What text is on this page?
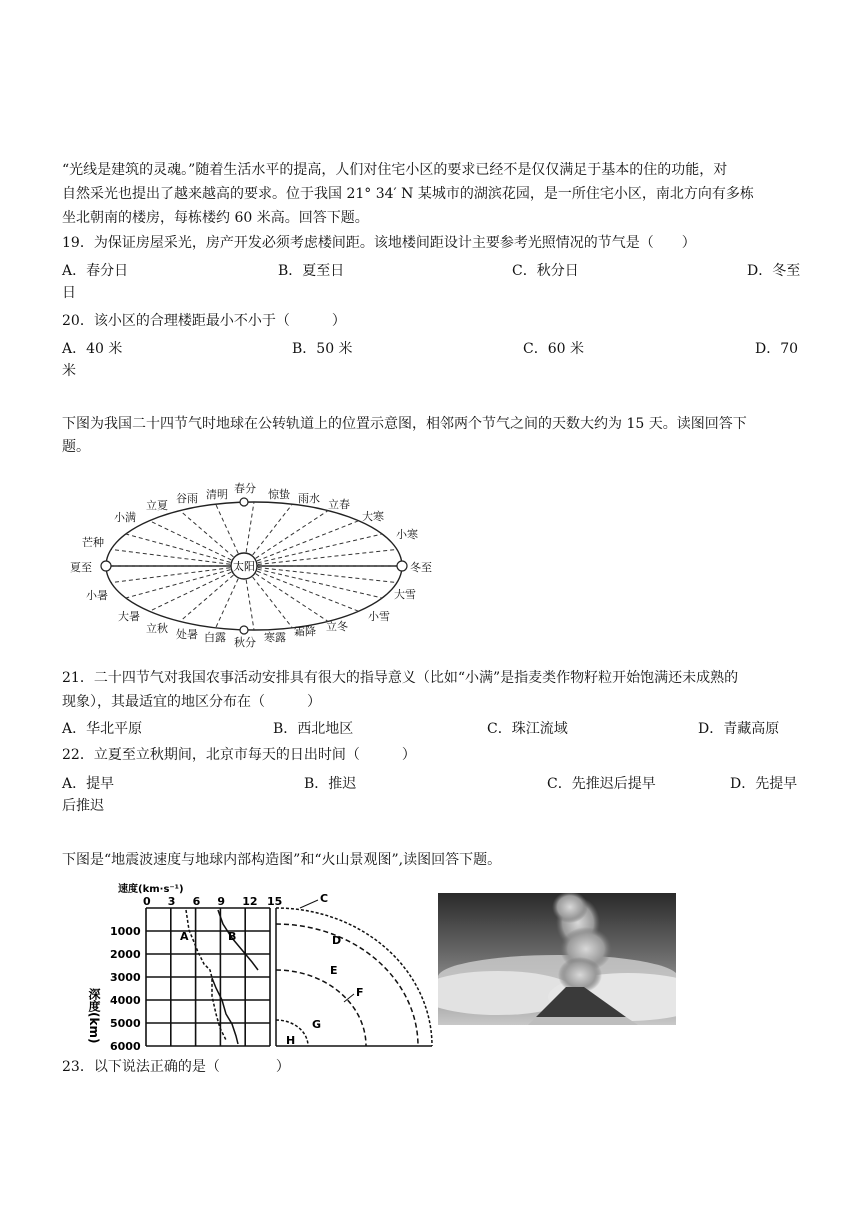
“光线是建筑的灵魂。”随着生活水平的提高，人们对住宅小区的要求已经不是仅仅满足于基本的住的功能，对
自然采光也提出了越来越高的要求。位于我国 21° 34′ N 某城市的湖滨花园，是一所住宅小区，南北方向有多栋
坐北朝南的楼房，每栋楼约 60 米高。回答下题。
19．为保证房屋采光，房产开发必须考虑楼间距。该地楼间距设计主要参考光照情况的节气是（　　）
A．春分日	B．夏至日	C．秋分日	D．冬至
日
20．该小区的合理楼距最小不小于（　　　）
A．40 米	B．50 米	C．60 米	D．70
米
下图为我国二十四节气时地球在公转轨道上的位置示意图，相邻两个节气之间的天数大约为 15 天。读图回答下
题。
太阳
春分
清明
谷雨
立夏
小满
芒种
夏至
小暑
大暑
立秋 处暑 白露 秋分 寒露 霜降 立冬
小雪
大雪
冬至
小寒
大寒
立春
雨水
惊蛰
21．二十四节气对我国农事活动安排具有很大的指导意义（比如“小满”是指麦类作物籽粒开始饱满还未成熟的
现象），其最适宜的地区分布在（　　　）
A．华北平原	B．西北地区	C．珠江流域	D．青藏高原
22．立夏至立秋期间，北京市每天的日出时间（　　　）
A．提早	B．推迟	C．先推迟后提早	D．先提早
后推迟
下图是“地震波速度与地球内部构造图”和“火山景观图”,读图回答下题。
速度(km·s⁻¹)
0 3 6 9 12 15
1000
2000
3000
4000
5000
6000
深度(km)
A	B
C
D
E
F
G
H
23．以下说法正确的是（　　　　）
